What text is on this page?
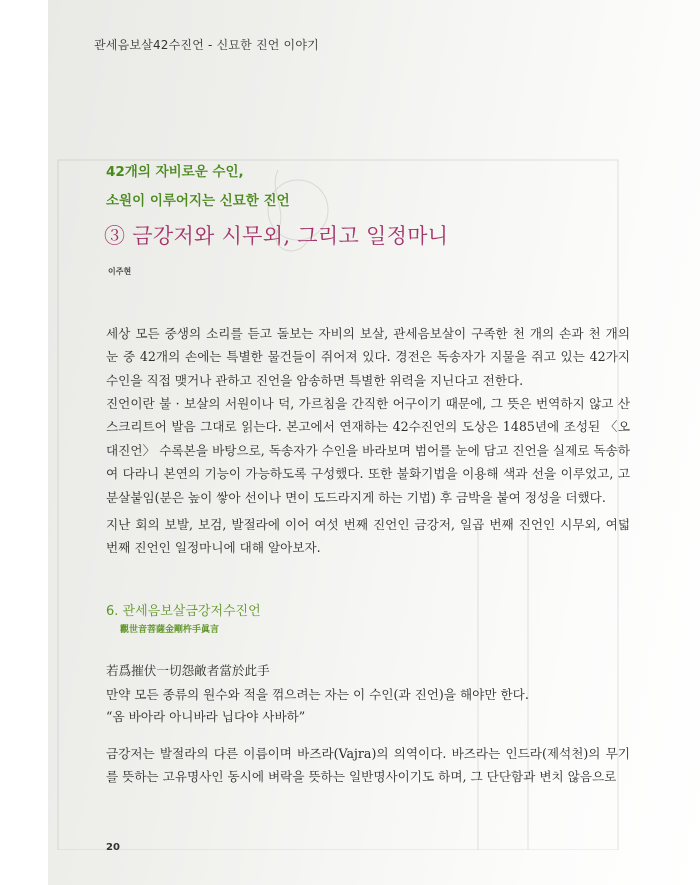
관세음보살42수진언 - 신묘한 진언 이야기
42개의 자비로운 수인,
소원이 이루어지는 신묘한 진언
③ 금강저와 시무외, 그리고 일정마니
이주현
세상 모든 중생의 소리를 듣고 돌보는 자비의 보살, 관세음보살이 구족한 천 개의 손과 천 개의 눈 중 42개의 손에는 특별한 물건들이 쥐어져 있다. 경전은 독송자가 지물을 쥐고 있는 42가지 수인을 직접 맺거나 관하고 진언을 암송하면 특별한 위력을 지닌다고 전한다.
진언이란 불 · 보살의 서원이나 덕, 가르침을 간직한 어구이기 때문에, 그 뜻은 번역하지 않고 산스크리트어 발음 그대로 읽는다. 본고에서 연재하는 42수진언의 도상은 1485년에 조성된 〈오대진언〉 수록본을 바탕으로, 독송자가 수인을 바라보며 범어를 눈에 담고 진언을 실제로 독송하여 다라니 본연의 기능이 가능하도록 구성했다. 또한 불화기법을 이용해 색과 선을 이루었고, 고분살붙임(분은 높이 쌓아 선이나 면이 도드라지게 하는 기법) 후 금박을 붙여 정성을 더했다.
지난 회의 보발, 보검, 발절라에 이어 여섯 번째 진언인 금강저, 일곱 번째 진언인 시무외, 여덟 번째 진언인 일정마니에 대해 알아보자.
6. 관세음보살금강저수진언
觀世音菩薩金剛杵手眞言
若爲摧伏一切怨敵者當於此手
만약 모든 종류의 원수와 적을 꺾으려는 자는 이 수인(과 진언)을 해야만 한다.
“옴 바아라 아니바라 닙다야 사바하”
금강저는 발절라의 다른 이름이며 바즈라(Vajra)의 의역이다. 바즈라는 인드라(제석천)의 무기를 뜻하는 고유명사인 동시에 벼락을 뜻하는 일반명사이기도 하며, 그 단단함과 변치 않음으로
20
